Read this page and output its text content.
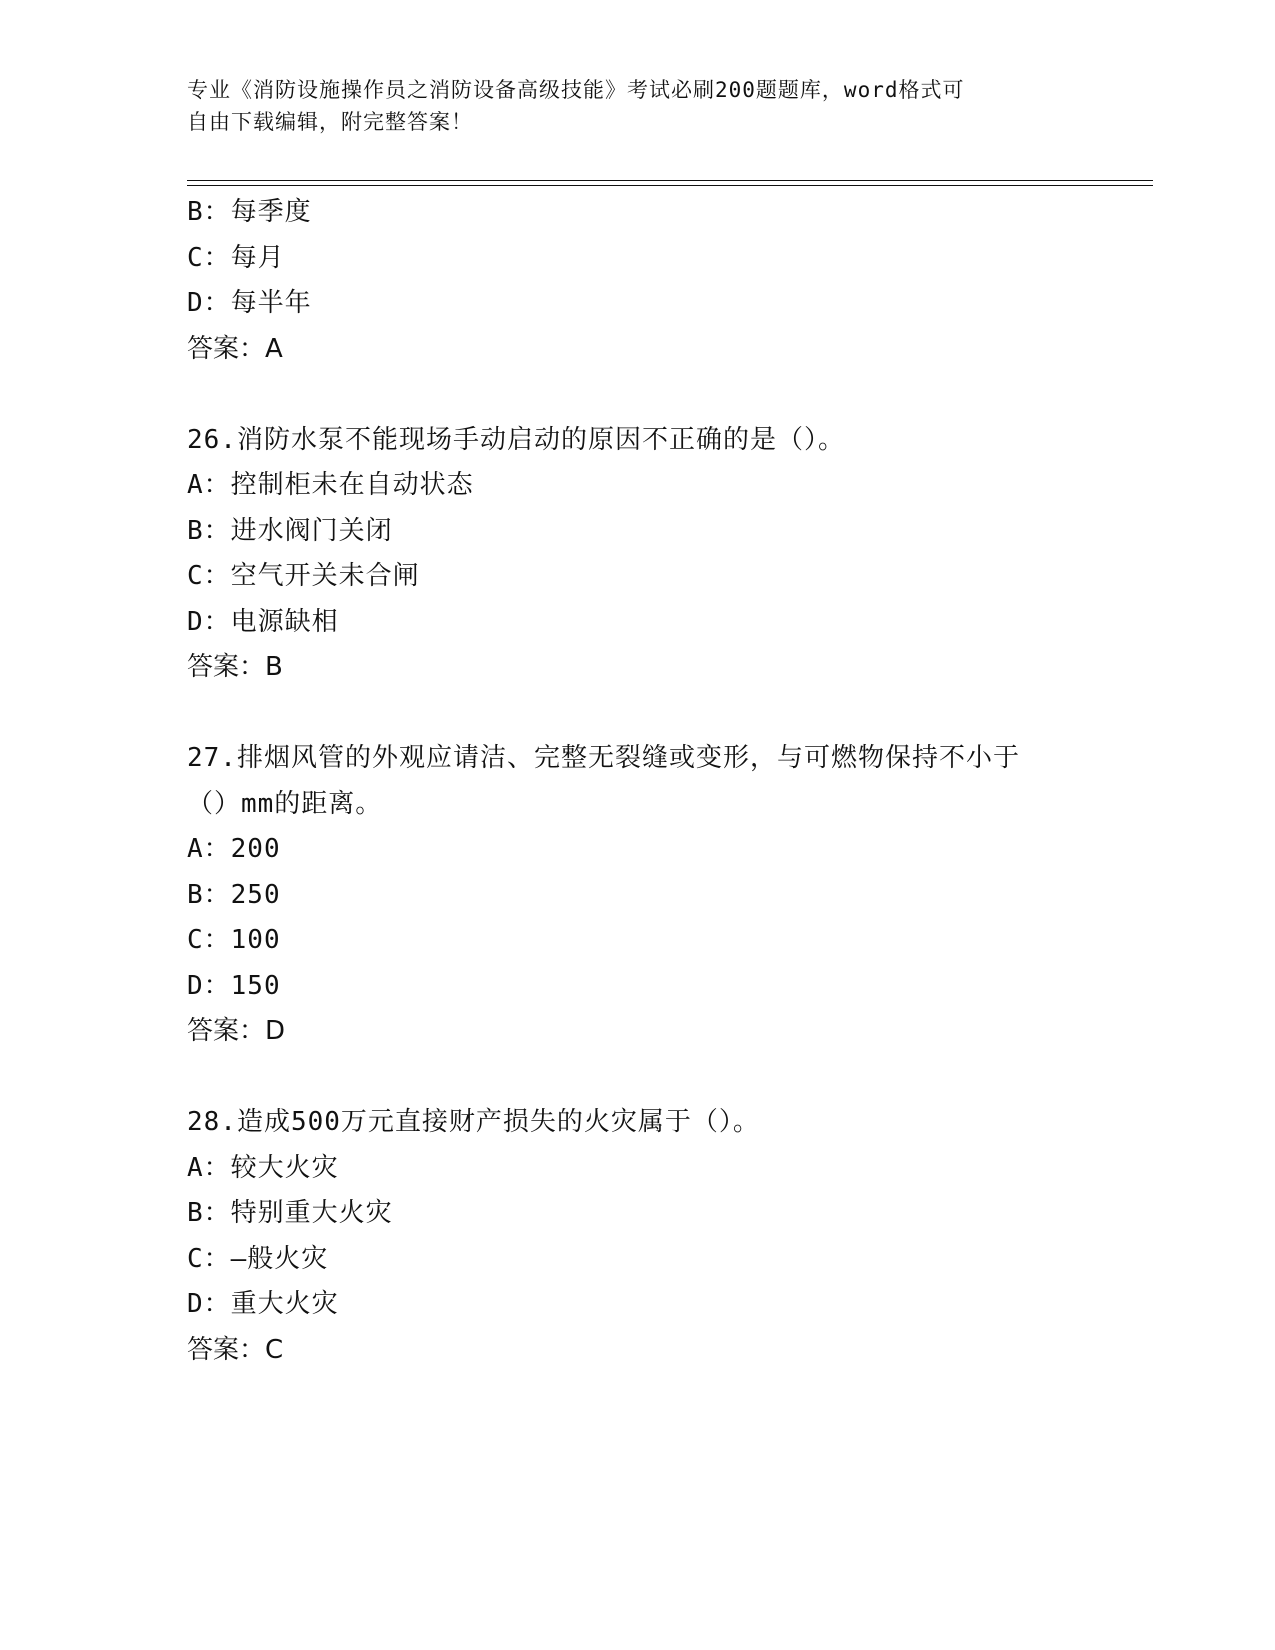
专业《消防设施操作员之消防设备高级技能》考试必刷200题题库，word格式可
自由下载编辑，附完整答案！
B：每季度
C：每月
D：每半年
答案：A
26.消防水泵不能现场手动启动的原因不正确的是（）。
A：控制柜未在自动状态
B：进水阀门关闭
C：空气开关未合闸
D：电源缺相
答案：B
27.排烟风管的外观应请洁、完整无裂缝或变形，与可燃物保持不小于
（）mm的距离。
A：200
B：250
C：100
D：150
答案：D
28.造成500万元直接财产损失的火灾属于（）。
A：较大火灾
B：特别重大火灾
C：—般火灾
D：重大火灾
答案：C
